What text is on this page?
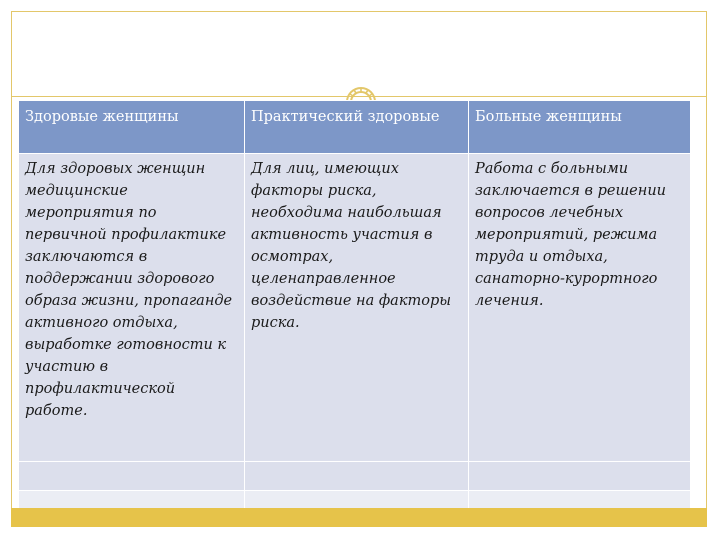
Здоровые женщины	Практический здоровые	Больные женщины
Для здоровых женщин медицинские мероприятия по первичной профилактике заключаются в поддержании здорового образа жизни, пропаганде активного отдыха, выработке готовности к участию в профилактической работе.	Для лиц, имеющих факторы риска, необходима наибольшая активность участия в осмотрах, целенаправленное воздействие на факторы риска.	Работа с больными заключается в решении вопросов лечебных мероприятий, режима труда и отдыха, санаторно-курортного лечения.
